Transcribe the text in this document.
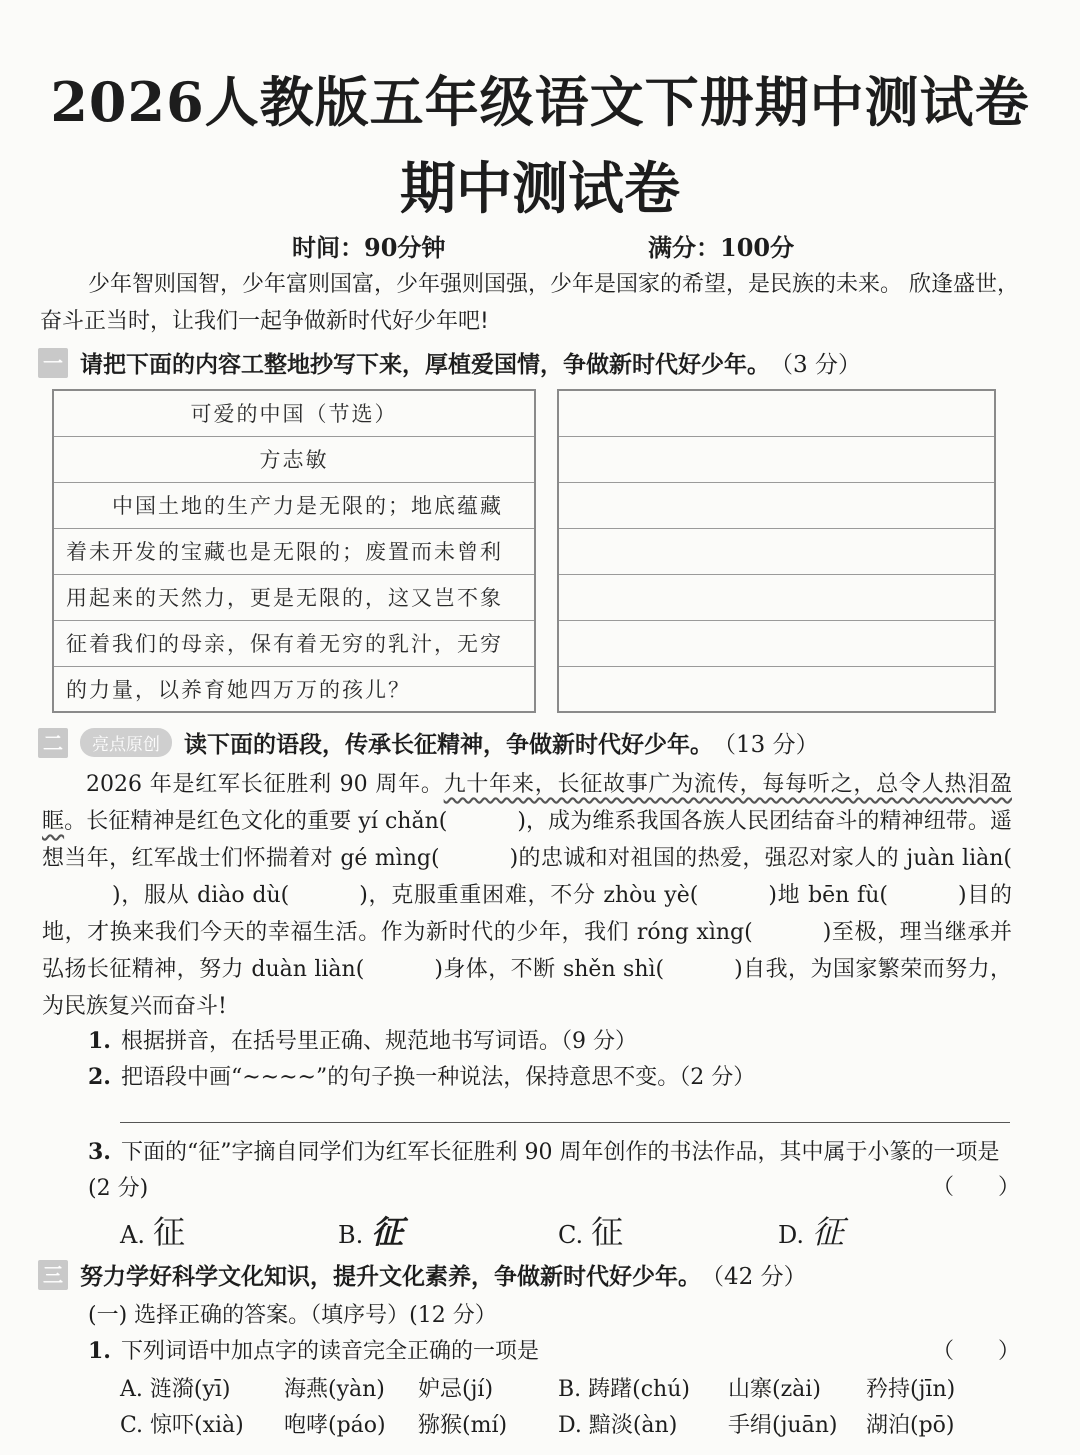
2026人教版五年级语文下册期中测试卷
期中测试卷
时间：90分钟	满分：100分
少年智则国智，少年富则国富，少年强则国强，少年是国家的希望，是民族的未来。 欣逢盛世，奋斗正当时，让我们一起争做新时代好少年吧!
一 请把下面的内容工整地抄写下来，厚植爱国情，争做新时代好少年。 （3 分）
可爱的中国（节选）
方志敏
中国土地的生产力是无限的；地底蕴藏
着未开发的宝藏也是无限的；废置而未曾利
用起来的天然力，更是无限的，这又岂不象
征着我们的母亲，保有着无穷的乳汁，无穷
的力量，以养育她四万万的孩儿？
二	亮点原创	读下面的语段，传承长征精神，争做新时代好少年。 （13 分）
2026 年是红军长征胜利 90 周年。九十年来，长征故事广为流传，每每听之，总令人热泪盈眶。长征精神是红色文化的重要 yí chǎn(	)，成为维系我国各族人民团结奋斗的精神纽带。遥想当年，红军战士们怀揣着对 gé mìng(	)的忠诚和对祖国的热爱，强忍对家人的 juàn liàn()，服从 diào dù(	)，克服重重困难，不分 zhòu yè(	)地 bēn fù(	)目的地，才换来我们今天的幸福生活。作为新时代的少年，我们 róng xìng(	)至极，理当继承并弘扬长征精神，努力 duàn liàn(	)身体，不断 shěn shì(	)自我，为国家繁荣而努力，为民族复兴而奋斗!
1. 根据拼音，在括号里正确、规范地书写词语。（9 分）
2. 把语段中画“~~~~”的句子换一种说法，保持意思不变。（2 分）
3. 下面的“征”字摘自同学们为红军长征胜利 90 周年创作的书法作品，其中属于小篆的一项是(2 分)	（　　）
A. 征	B. 征	C. 征	D. 征
三 努力学好科学文化知识，提升文化素养，争做新时代好少年。 （42 分）
(一) 选择正确的答案。（填序号）(12 分）
1. 下列词语中加点字的读音完全正确的一项是	（　　）
A. 涟漪(yī) 海燕(yàn) 妒忌(jí)	B. 踌躇(chú) 山寨(zài) 矜持(jīn)
C. 惊吓(xià) 咆哮(páo) 猕猴(mí) D. 黯淡(àn) 手绢(juān) 湖泊(pō)
